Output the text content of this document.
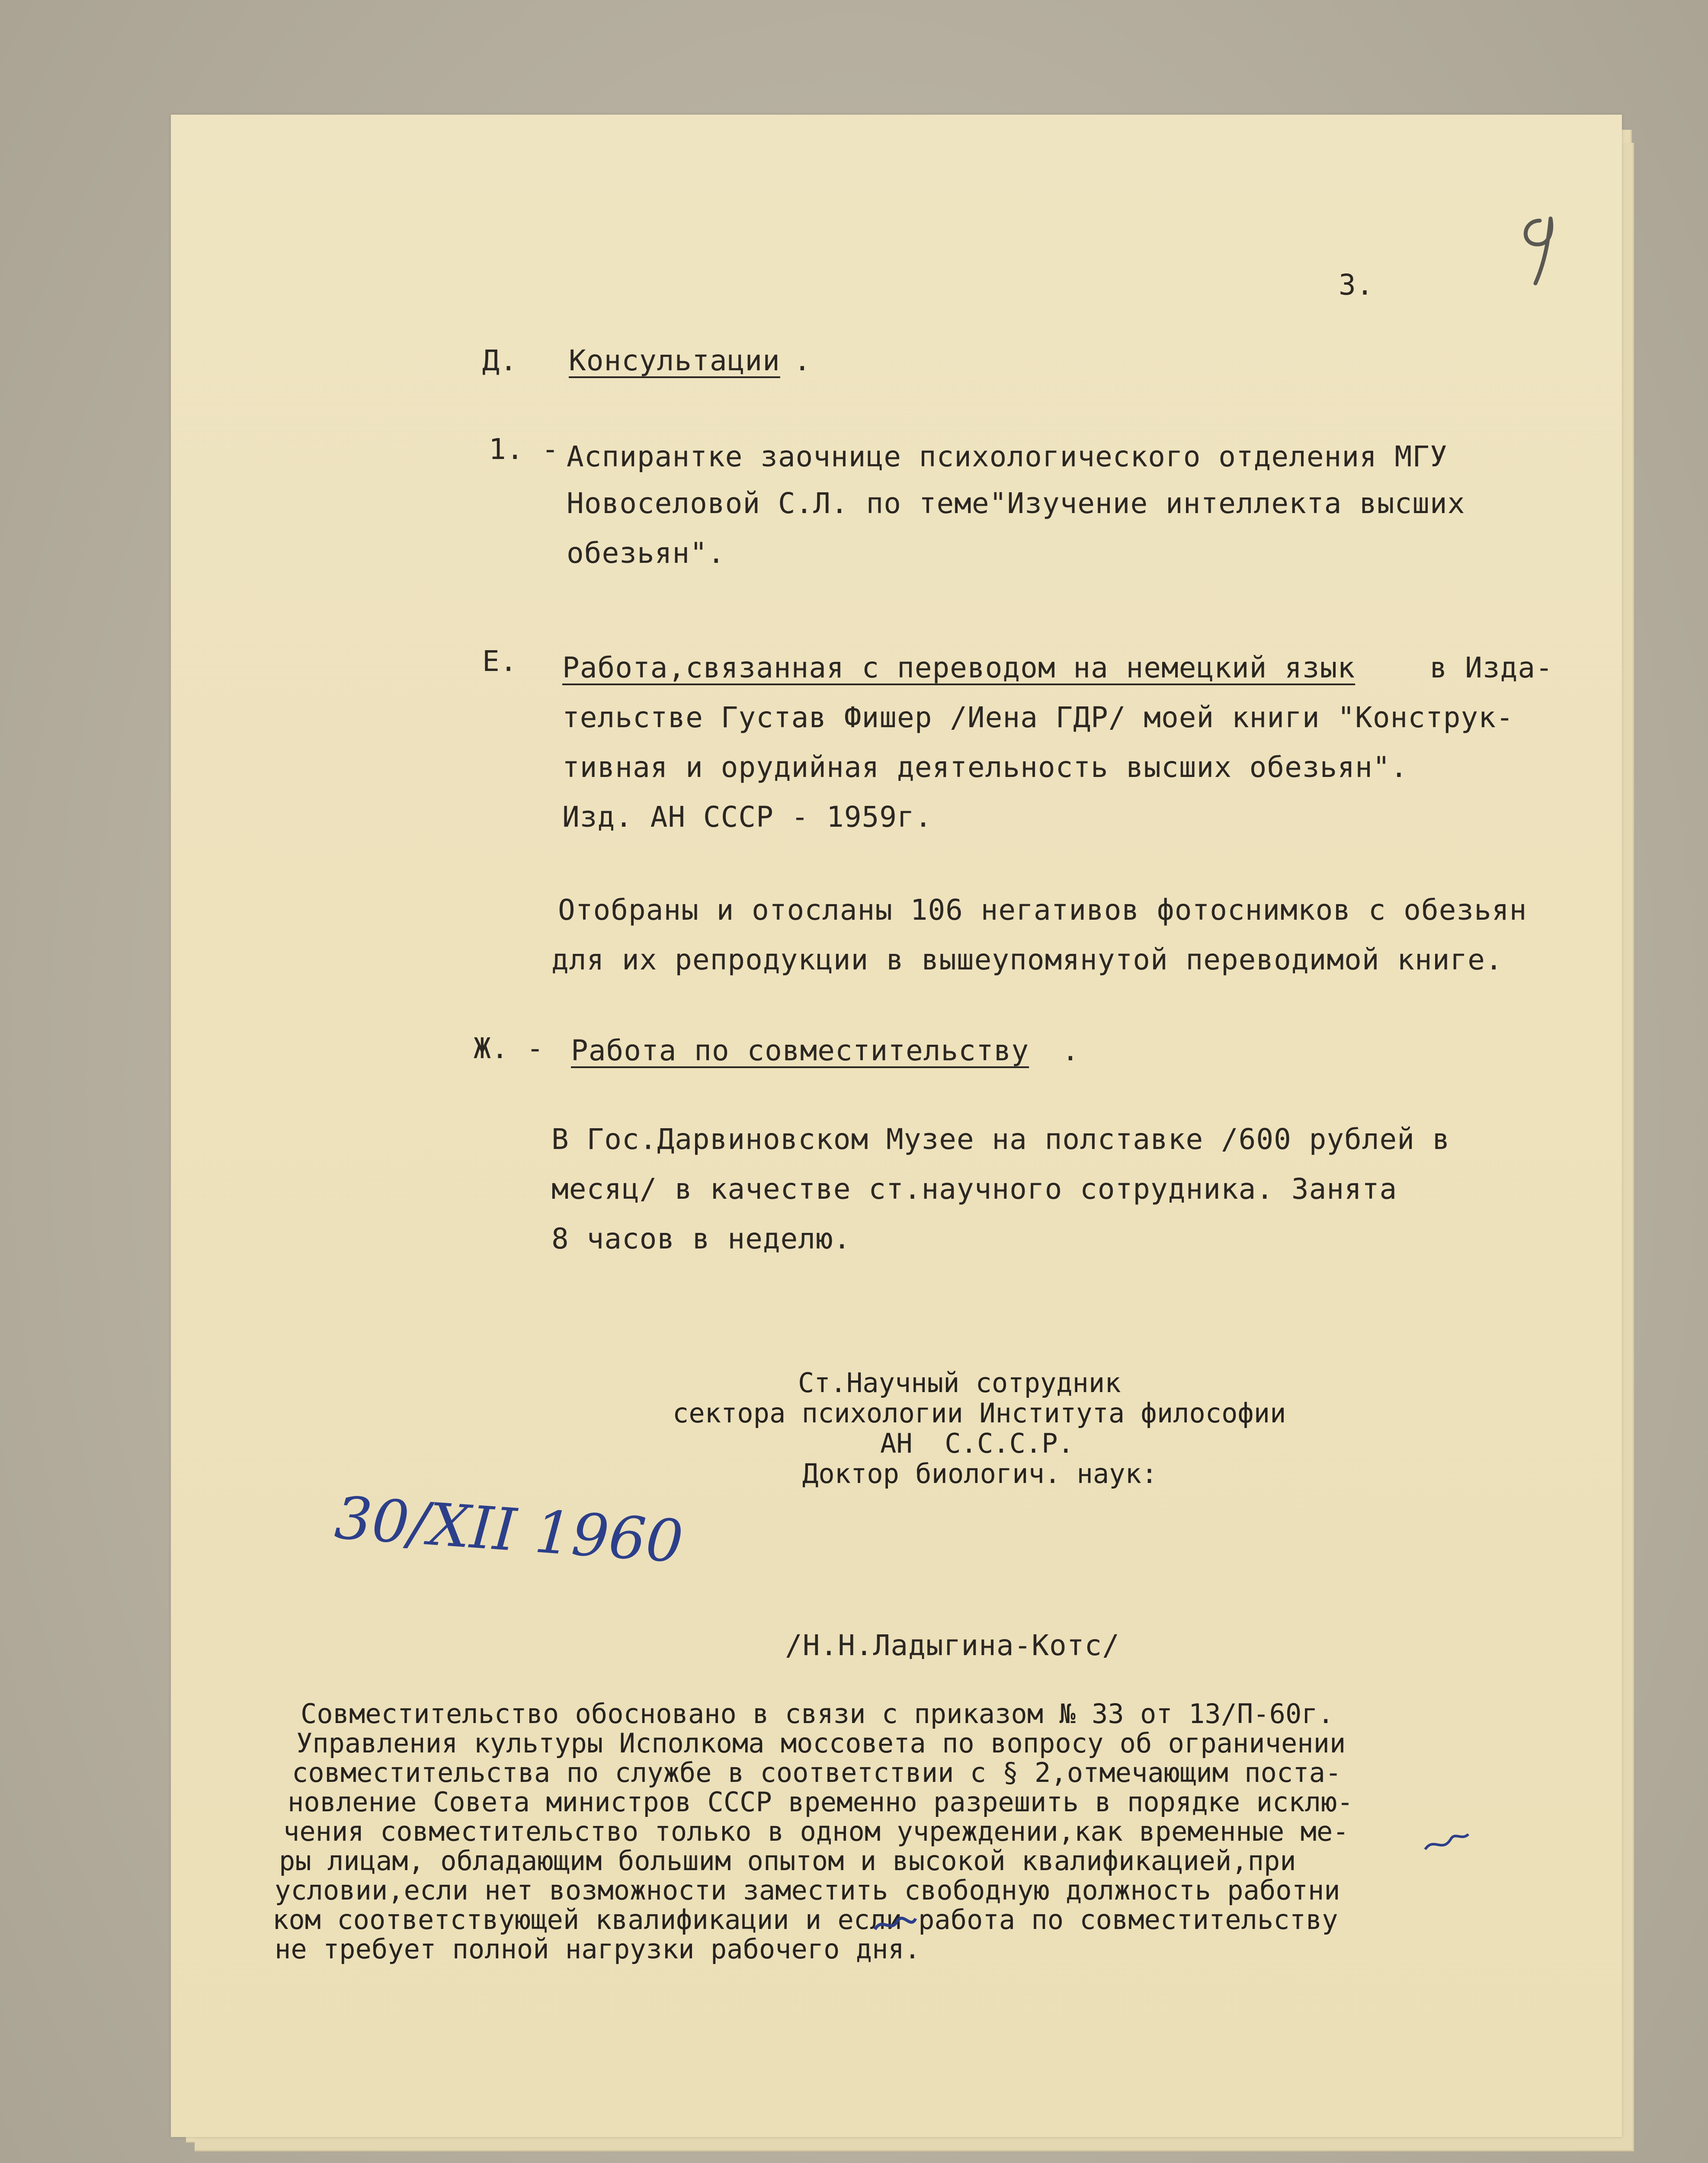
3.

Д. Консультации .

1. - Аспирантке заочнице психологического отделения МГУ

Новоселовой С.Л. по теме"Изучение интеллекта высших

обезьян".

Е. Работа,связанная с переводом на немецкий язык в Изда-

тельстве Густав Фишер /Иена ГДР/ моей книги "Конструк-

тивная и орудийная деятельность высших обезьян".

Изд. АН СССР - 1959г.

Отобраны и отосланы 106 негативов фотоснимков с обезьян

для их репродукции в вышеупомянутой переводимой книге.

Ж. - Работа по совместительству .

В Гос.Дарвиновском Музее на полставке /600 рублей в

месяц/ в качестве ст.научного сотрудника. Занята

8 часов в неделю.

Ст.Научный сотрудник

сектора психологии Института философии

АН  С.С.С.Р.

Доктор биологич. наук:

30/XII 1960

/Н.Н.Ладыгина-Котс/

Совместительство обосновано в связи с приказом № 33 от 13/П-60г.

Управления культуры Исполкома моссовета по вопросу об ограничении

совместительства по службе в соответствии с § 2,отмечающим поста-

новление Совета министров СССР временно разрешить в порядке исклю-

чения совместительство только в одном учреждении,как временные ме-

ры лицам, обладающим большим опытом и высокой квалификацией,при

условии,если нет возможности заместить свободную должность работни

ком соответствующей квалификации и если работа по совместительству

не требует полной нагрузки рабочего дня.
